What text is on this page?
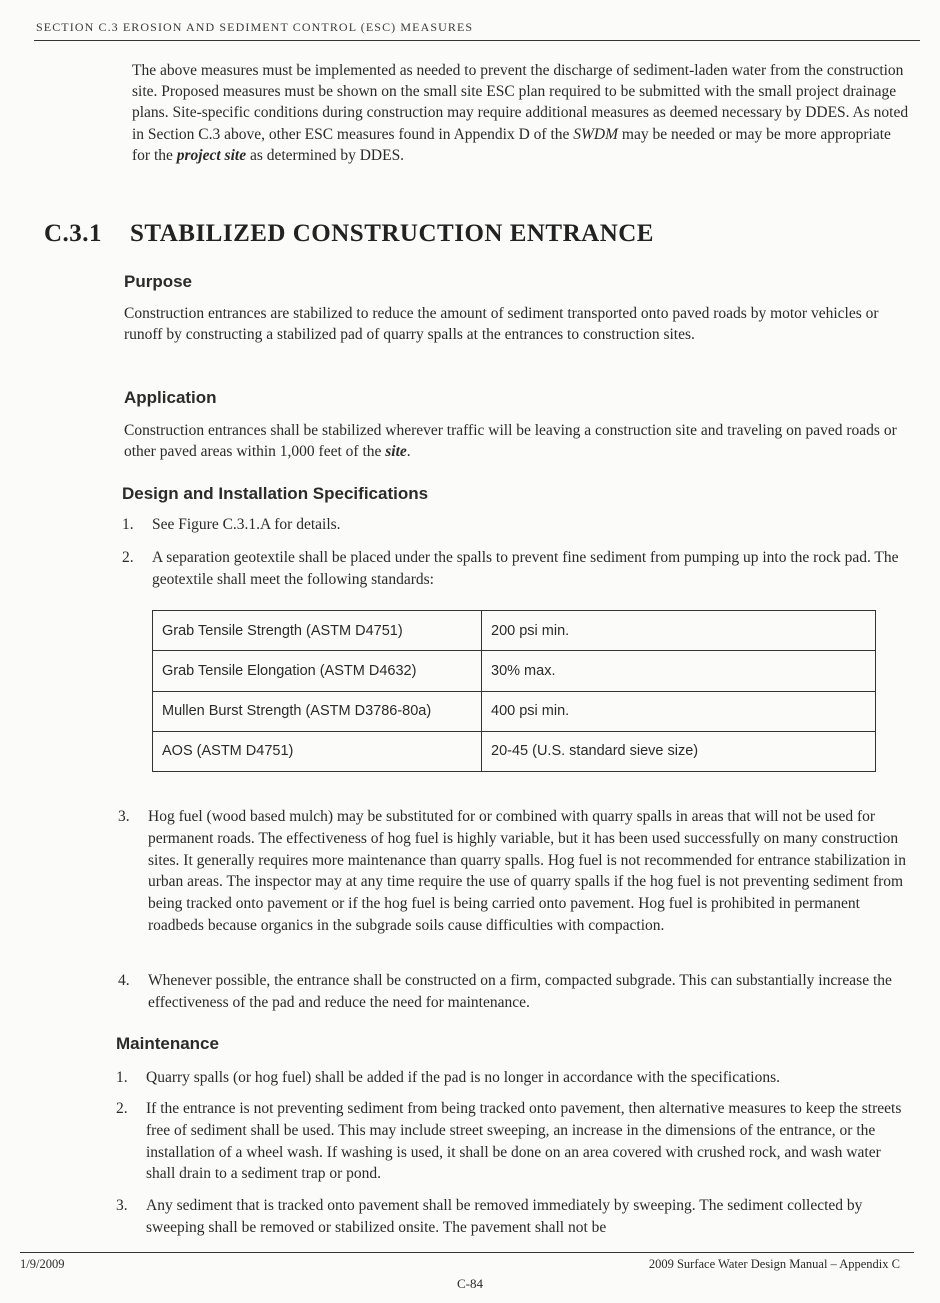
SECTION C.3 EROSION AND SEDIMENT CONTROL (ESC) MEASURES

The above measures must be implemented as needed to prevent the discharge of sediment-laden water from the construction site. Proposed measures must be shown on the small site ESC plan required to be submitted with the small project drainage plans. Site-specific conditions during construction may require additional measures as deemed necessary by DDES. As noted in Section C.3 above, other ESC measures found in Appendix D of the SWDM may be needed or may be more appropriate for the project site as determined by DDES.

C.3.1 STABILIZED CONSTRUCTION ENTRANCE
Purpose

Construction entrances are stabilized to reduce the amount of sediment transported onto paved roads by motor vehicles or runoff by constructing a stabilized pad of quarry spalls at the entrances to construction sites.

Application

Construction entrances shall be stabilized wherever traffic will be leaving a construction site and traveling on paved roads or other paved areas within 1,000 feet of the site.

Design and Installation Specifications
1. See Figure C.3.1.A for details.
2. A separation geotextile shall be placed under the spalls to prevent fine sediment from pumping up into the rock pad. The geotextile shall meet the following standards:
Grab Tensile Strength (ASTM D4751)	200 psi min.
Grab Tensile Elongation (ASTM D4632)	30% max.
Mullen Burst Strength (ASTM D3786-80a)	400 psi min.
AOS (ASTM D4751)	20-45 (U.S. standard sieve size)
3. Hog fuel (wood based mulch) may be substituted for or combined with quarry spalls in areas that will not be used for permanent roads. The effectiveness of hog fuel is highly variable, but it has been used successfully on many construction sites. It generally requires more maintenance than quarry spalls. Hog fuel is not recommended for entrance stabilization in urban areas. The inspector may at any time require the use of quarry spalls if the hog fuel is not preventing sediment from being tracked onto pavement or if the hog fuel is being carried onto pavement. Hog fuel is prohibited in permanent roadbeds because organics in the subgrade soils cause difficulties with compaction.
4. Whenever possible, the entrance shall be constructed on a firm, compacted subgrade. This can substantially increase the effectiveness of the pad and reduce the need for maintenance.
Maintenance
1. Quarry spalls (or hog fuel) shall be added if the pad is no longer in accordance with the specifications.
2. If the entrance is not preventing sediment from being tracked onto pavement, then alternative measures to keep the streets free of sediment shall be used. This may include street sweeping, an increase in the dimensions of the entrance, or the installation of a wheel wash. If washing is used, it shall be done on an area covered with crushed rock, and wash water shall drain to a sediment trap or pond.
3. Any sediment that is tracked onto pavement shall be removed immediately by sweeping. The sediment collected by sweeping shall be removed or stabilized onsite. The pavement shall not be
1/9/2009	2009 Surface Water Design Manual – Appendix C
C-84
